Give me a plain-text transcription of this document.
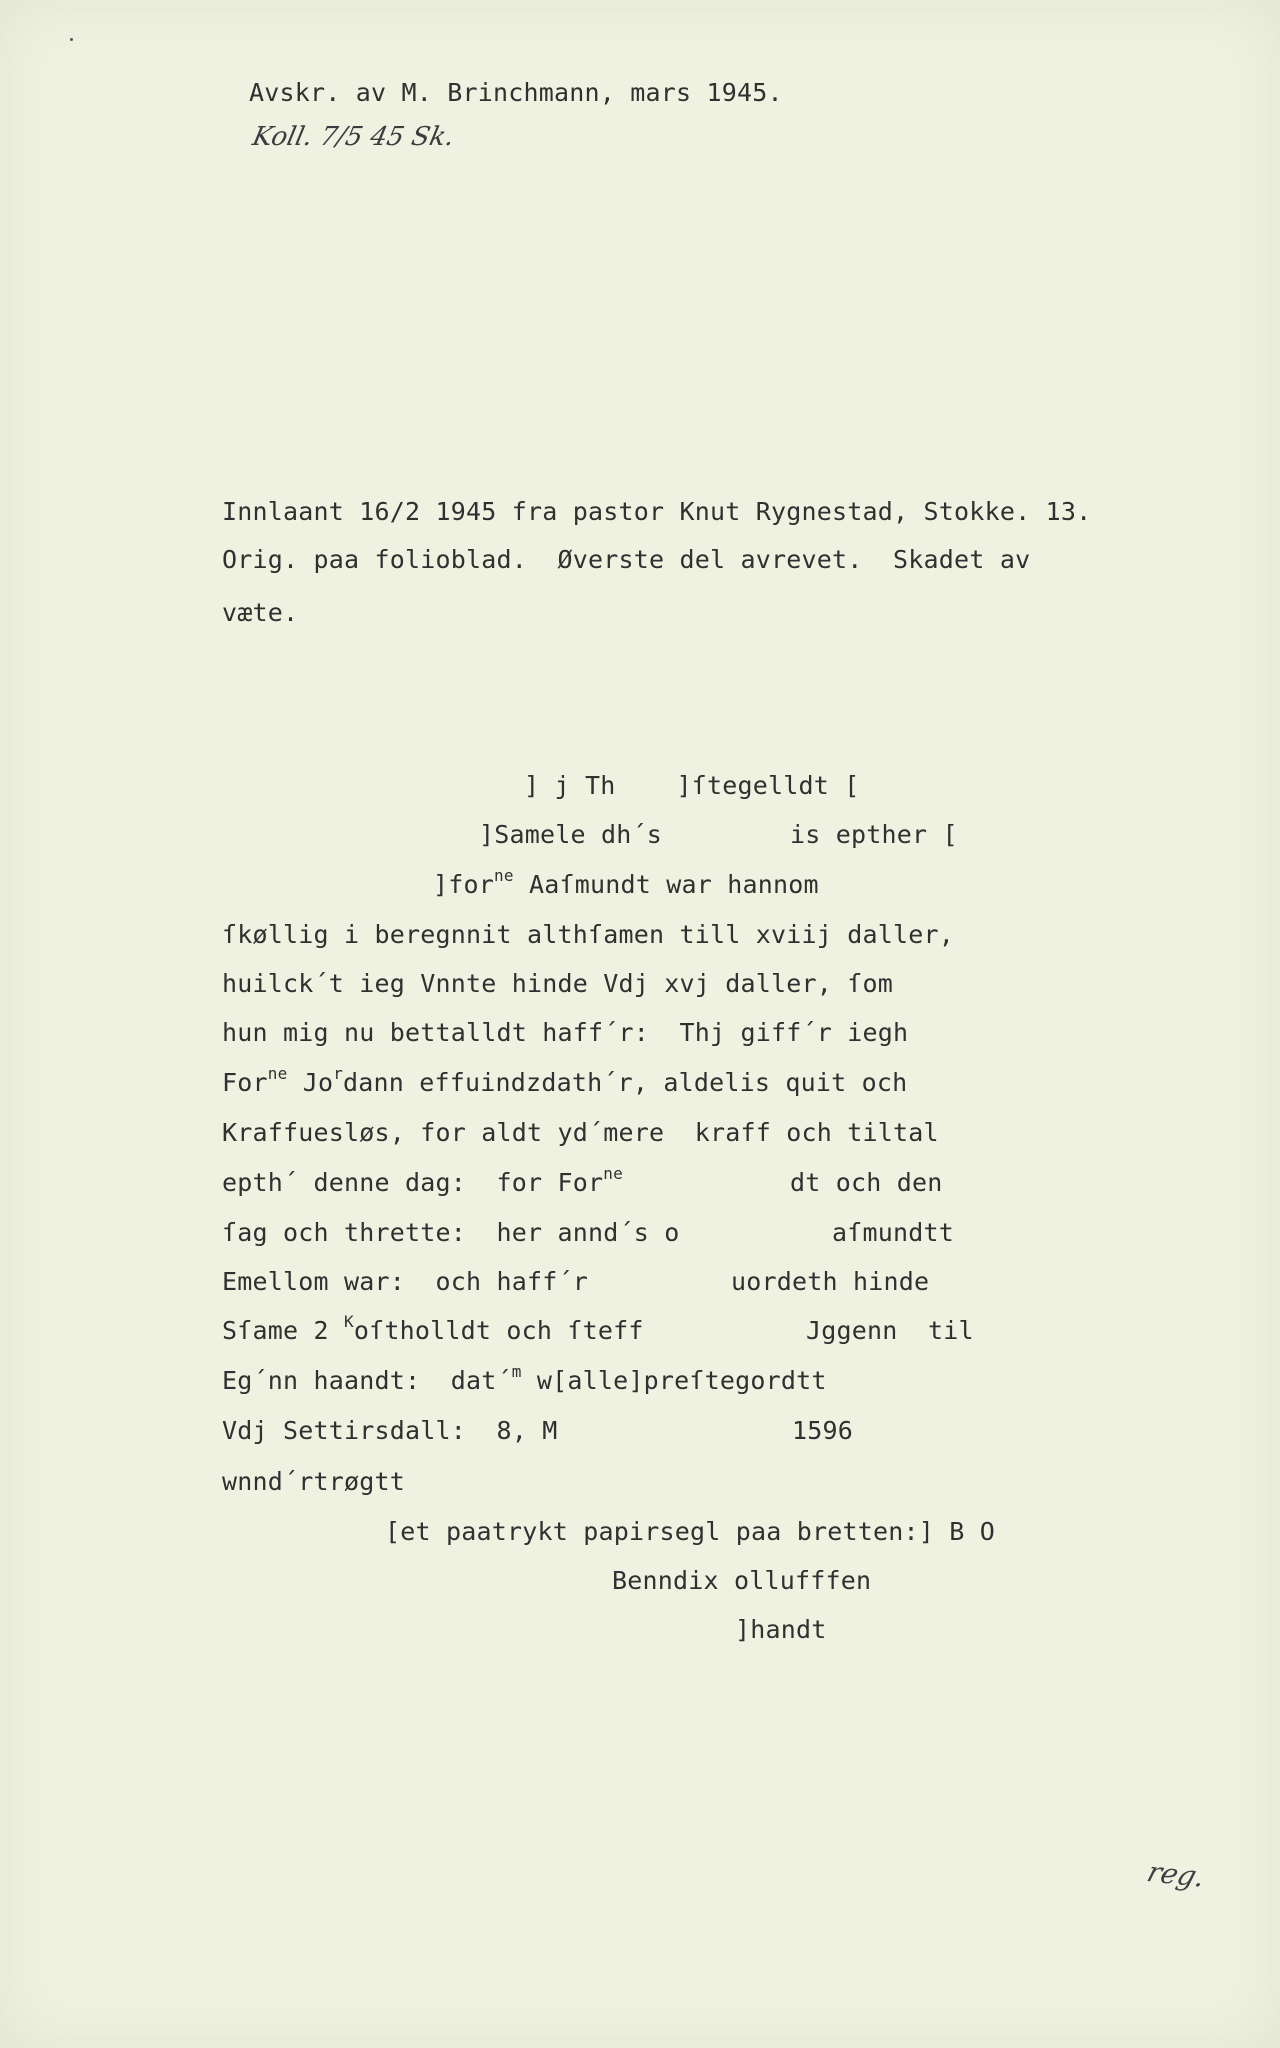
Avskr. av M. Brinchmann, mars 1945.
Koll. 7/5 45 Sk.
Innlaant 16/2 1945 fra pastor Knut Rygnestad, Stokke. 13.
Orig. paa folioblad.  Øverste del avrevet.  Skadet av
væte.
] j Th    ]ſtegelldt [
]Samele dh´s	is epther [
]for$^{ne}$ Aaſmundt war hannom
ſkøllig i beregnnit althſamen till xviij daller,
huilck´t ieg Vnnte hinde Vdj xvj daller, ſom
hun mig nu bettalldt haff´r:  Thj giff´r iegh
For$^{ne}$ Jo$^r$dann effuindzdath´r, aldelis quit och
Kraffuesløs, for aldt yd´mere  kraff och tiltal
epth´ denne dag:  for For$^{ne}$	dt och den
ſag och thrette:  her annd´s o	aſmundtt
Emellom war:  och haff´r	uordeth hinde
Sſame 2 $^K$oſtholldt och ſteff	Jggenn  til
Eg´nn haandt:  dat´$^m$ w[alle]preſtegordtt
Vdj Settirsdall:  8, M	1596
wnnd´rtrøgtt
[et paatrykt papirsegl paa bretten:] B O
Benndix ollufffen
]handt
reg.
